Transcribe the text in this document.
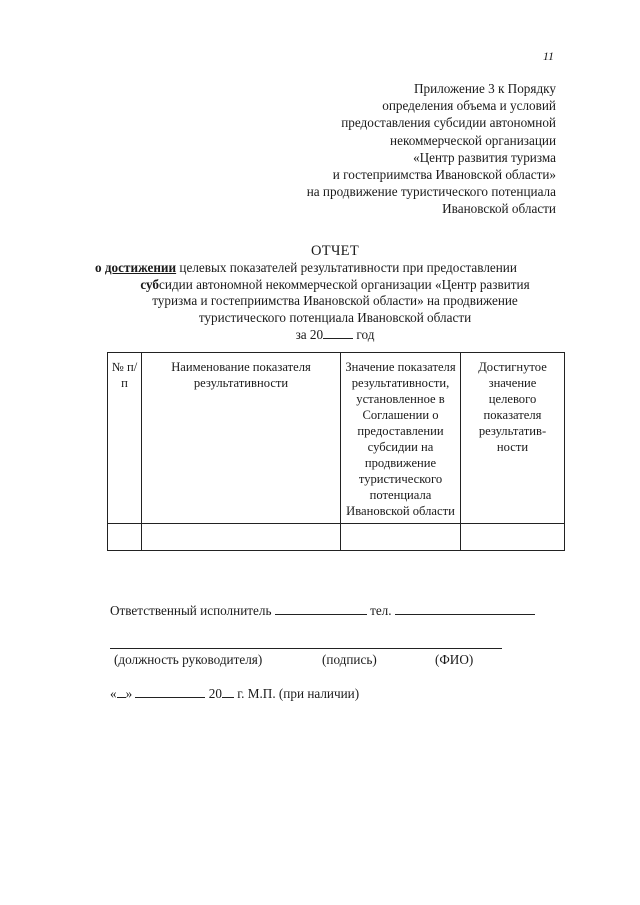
11
Приложение 3 к Порядку
определения объема и условий
предоставления субсидии автономной
некоммерческой организации
«Центр развития туризма
и гостеприимства Ивановской области»
на продвижение туристического потенциала
Ивановской области
ОТЧЕТ
о достижении целевых показателей результативности при предоставлении
субсидии автономной некоммерческой организации «Центр развития
туризма и гостеприимства Ивановской области» на продвижение
туристического потенциала Ивановской области
за 20	год
№ п/п	Наименование показателя результативности	Значение показателя результативности, установленное в Соглашении о предоставлении субсидии на продвижение туристического потенциала Ивановской области	Достигнутое значение целевого показателя результатив-ности

Ответственный исполнитель	тел.
(должность руководителя)	(подпись)	(ФИО)
« »	20 г. М.П. (при наличии)
